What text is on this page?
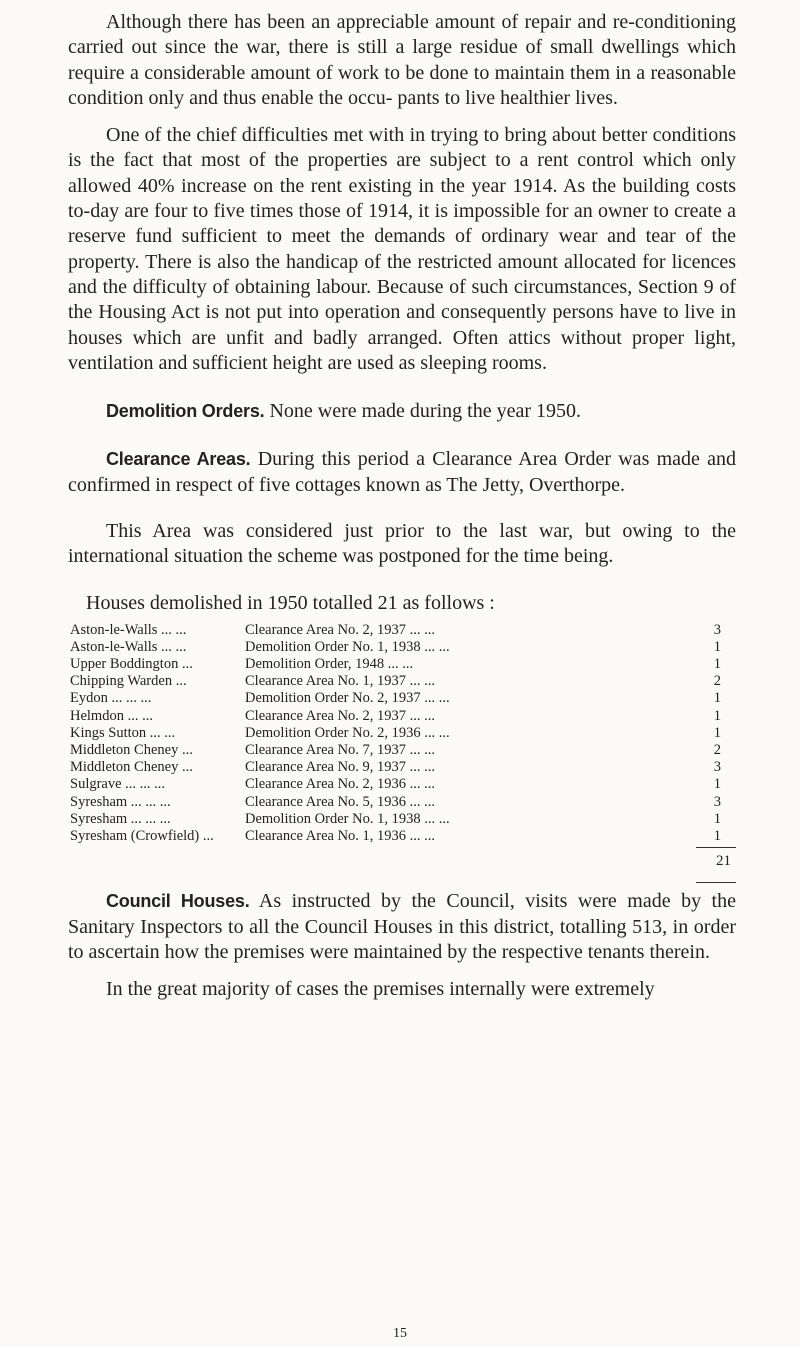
Although there has been an appreciable amount of repair and re-conditioning carried out since the war, there is still a large residue of small dwellings which require a considerable amount of work to be done to maintain them in a reasonable condition only and thus enable the occu- pants to live healthier lives.

One of the chief difficulties met with in trying to bring about better conditions is the fact that most of the properties are subject to a rent control which only allowed 40% increase on the rent existing in the year 1914. As the building costs to-day are four to five times those of 1914, it is impossible for an owner to create a reserve fund sufficient to meet the demands of ordinary wear and tear of the property. There is also the handicap of the restricted amount allocated for licences and the difficulty of obtaining labour. Because of such circumstances, Section 9 of the Housing Act is not put into operation and consequently persons have to live in houses which are unfit and badly arranged. Often attics without proper light, ventilation and sufficient height are used as sleeping rooms.

Demolition Orders. None were made during the year 1950.

Clearance Areas. During this period a Clearance Area Order was made and confirmed in respect of five cottages known as The Jetty, Overthorpe.

This Area was considered just prior to the last war, but owing to the international situation the scheme was postponed for the time being.

Houses demolished in 1950 totalled 21 as follows :
Aston-le-Walls ... ...	Clearance Area No. 2, 1937 ... ...	3
Aston-le-Walls ... ...	Demolition Order No. 1, 1938 ... ...	1
Upper Boddington ...	Demolition Order, 1948 ... ...	1
Chipping Warden ...	Clearance Area No. 1, 1937 ... ...	2
Eydon ... ... ...	Demolition Order No. 2, 1937 ... ...	1
Helmdon ... ...	Clearance Area No. 2, 1937 ... ...	1
Kings Sutton ... ...	Demolition Order No. 2, 1936 ... ...	1
Middleton Cheney ...	Clearance Area No. 7, 1937 ... ...	2
Middleton Cheney ...	Clearance Area No. 9, 1937 ... ...	3
Sulgrave ... ... ...	Clearance Area No. 2, 1936 ... ...	1
Syresham ... ... ...	Clearance Area No. 5, 1936 ... ...	3
Syresham ... ... ...	Demolition Order No. 1, 1938 ... ...	1
Syresham (Crowfield) ...	Clearance Area No. 1, 1936 ... ...	1
21

Council Houses. As instructed by the Council, visits were made by the Sanitary Inspectors to all the Council Houses in this district, totalling 513, in order to ascertain how the premises were maintained by the respective tenants therein.

In the great majority of cases the premises internally were extremely

15
